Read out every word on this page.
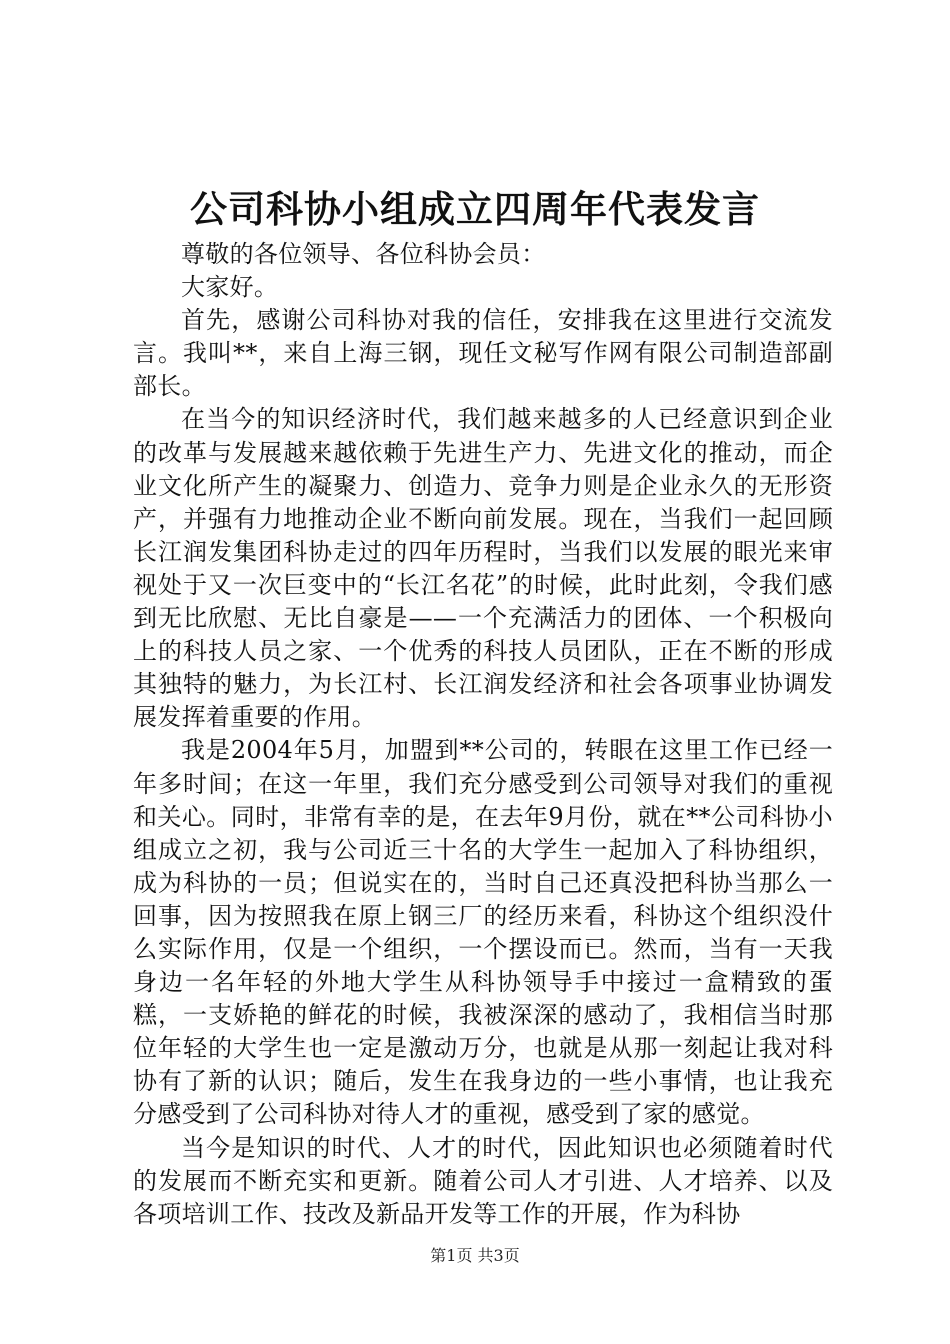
公司科协小组成立四周年代表发言

尊敬的各位领导、各位科协会员：

大家好。

首先，感谢公司科协对我的信任，安排我在这里进行交流发言。我叫**，来自上海三钢，现任文秘写作网有限公司制造部副部长。

在当今的知识经济时代，我们越来越多的人已经意识到企业的改革与发展越来越依赖于先进生产力、先进文化的推动，而企业文化所产生的凝聚力、创造力、竞争力则是企业永久的无形资产，并强有力地推动企业不断向前发展。现在，当我们一起回顾长江润发集团科协走过的四年历程时，当我们以发展的眼光来审视处于又一次巨变中的“长江名花”的时候，此时此刻，令我们感到无比欣慰、无比自豪是——一个充满活力的团体、一个积极向上的科技人员之家、一个优秀的科技人员团队，正在不断的形成其独特的魅力，为长江村、长江润发经济和社会各项事业协调发展发挥着重要的作用。

我是2004年5月，加盟到**公司的，转眼在这里工作已经一年多时间；在这一年里，我们充分感受到公司领导对我们的重视和关心。同时，非常有幸的是，在去年9月份，就在**公司科协小组成立之初，我与公司近三十名的大学生一起加入了科协组织，成为科协的一员；但说实在的，当时自己还真没把科协当那么一回事，因为按照我在原上钢三厂的经历来看，科协这个组织没什么实际作用，仅是一个组织，一个摆设而已。然而，当有一天我身边一名年轻的外地大学生从科协领导手中接过一盒精致的蛋糕，一支娇艳的鲜花的时候，我被深深的感动了，我相信当时那位年轻的大学生也一定是激动万分，也就是从那一刻起让我对科协有了新的认识；随后，发生在我身边的一些小事情，也让我充分感受到了公司科协对待人才的重视，感受到了家的感觉。

当今是知识的时代、人才的时代，因此知识也必须随着时代的发展而不断充实和更新。随着公司人才引进、人才培养、以及各项培训工作、技改及新品开发等工作的开展，作为科协

第1页 共3页
